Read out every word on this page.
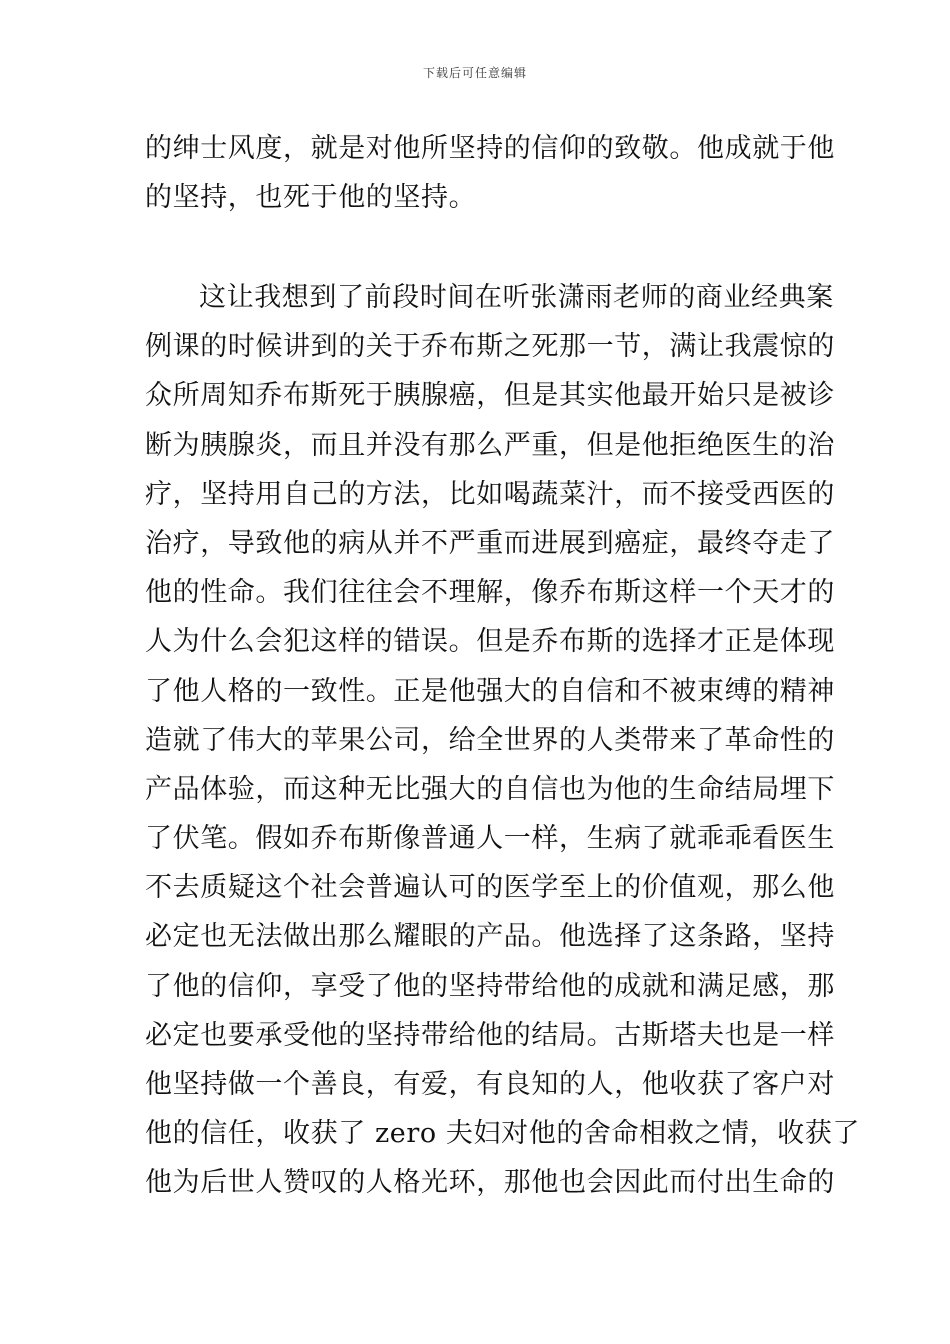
下载后可任意编辑
的绅士风度，就是对他所坚持的信仰的致敬。他成就于他
的坚持，也死于他的坚持。
这让我想到了前段时间在听张潇雨老师的商业经典案
例课的时候讲到的关于乔布斯之死那一节，满让我震惊的
众所周知乔布斯死于胰腺癌，但是其实他最开始只是被诊
断为胰腺炎，而且并没有那么严重，但是他拒绝医生的治
疗，坚持用自己的方法，比如喝蔬菜汁，而不接受西医的
治疗，导致他的病从并不严重而进展到癌症，最终夺走了
他的性命。我们往往会不理解，像乔布斯这样一个天才的
人为什么会犯这样的错误。但是乔布斯的选择才正是体现
了他人格的一致性。正是他强大的自信和不被束缚的精神
造就了伟大的苹果公司，给全世界的人类带来了革命性的
产品体验，而这种无比强大的自信也为他的生命结局埋下
了伏笔。假如乔布斯像普通人一样，生病了就乖乖看医生
不去质疑这个社会普遍认可的医学至上的价值观，那么他
必定也无法做出那么耀眼的产品。他选择了这条路，坚持
了他的信仰，享受了他的坚持带给他的成就和满足感，那
必定也要承受他的坚持带给他的结局。古斯塔夫也是一样
他坚持做一个善良，有爱，有良知的人，他收获了客户对
他的信任，收获了 zero 夫妇对他的舍命相救之情，收获了
他为后世人赞叹的人格光环，那他也会因此而付出生命的
